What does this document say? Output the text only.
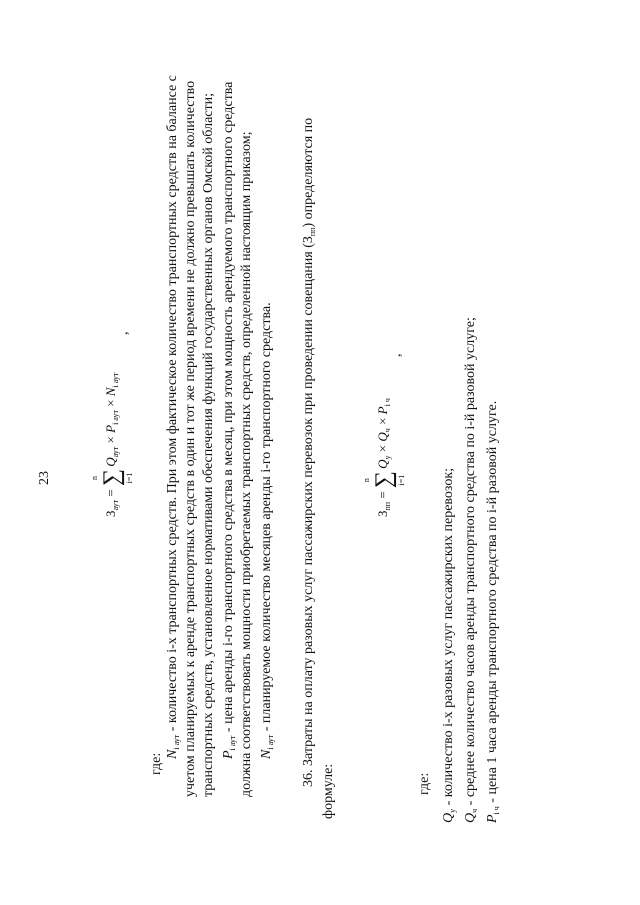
23
$З_{аут}$ =
n ∑ i=1
$Q_{аут} \times P_{i аут} \times N_{i аут}$
,
где: $N_{i аут}$ - количество i-х транспортных средств. При этом фактическое количество транспортных средств на балансе с учетом планируемых к аренде транспортных средств в один и тот же период времени не должно превышать количество транспортных средств, установленное нормативами обеспечения функций государственных органов Омской области; $P_{i аут}$ - цена аренды i-го транспортного средства в месяц, при этом мощность арендуемого транспортного средства должна соответствовать мощности приобретаемых транспортных средств, определенной настоящим приказом; $N_{i аут}$ - планируемое количество месяцев аренды i-го транспортного средства.	36. Затраты на оплату разовых услуг пассажирских перевозок при проведении совещания $(З_{пп})$ определяются по
формуле:
$З_{пп}$ =
n ∑ i=1
$Q_у \times Q_ч \times P_{i ч}$
,
где:
$Q_у$ - количество i-х разовых услуг пассажирских перевозок;
$Q_ч$ - среднее количество часов аренды транспортного средства по i-й разовой услуге;
$P_{i ч}$ - цена 1 часа аренды транспортного средства по i-й разовой услуге.
